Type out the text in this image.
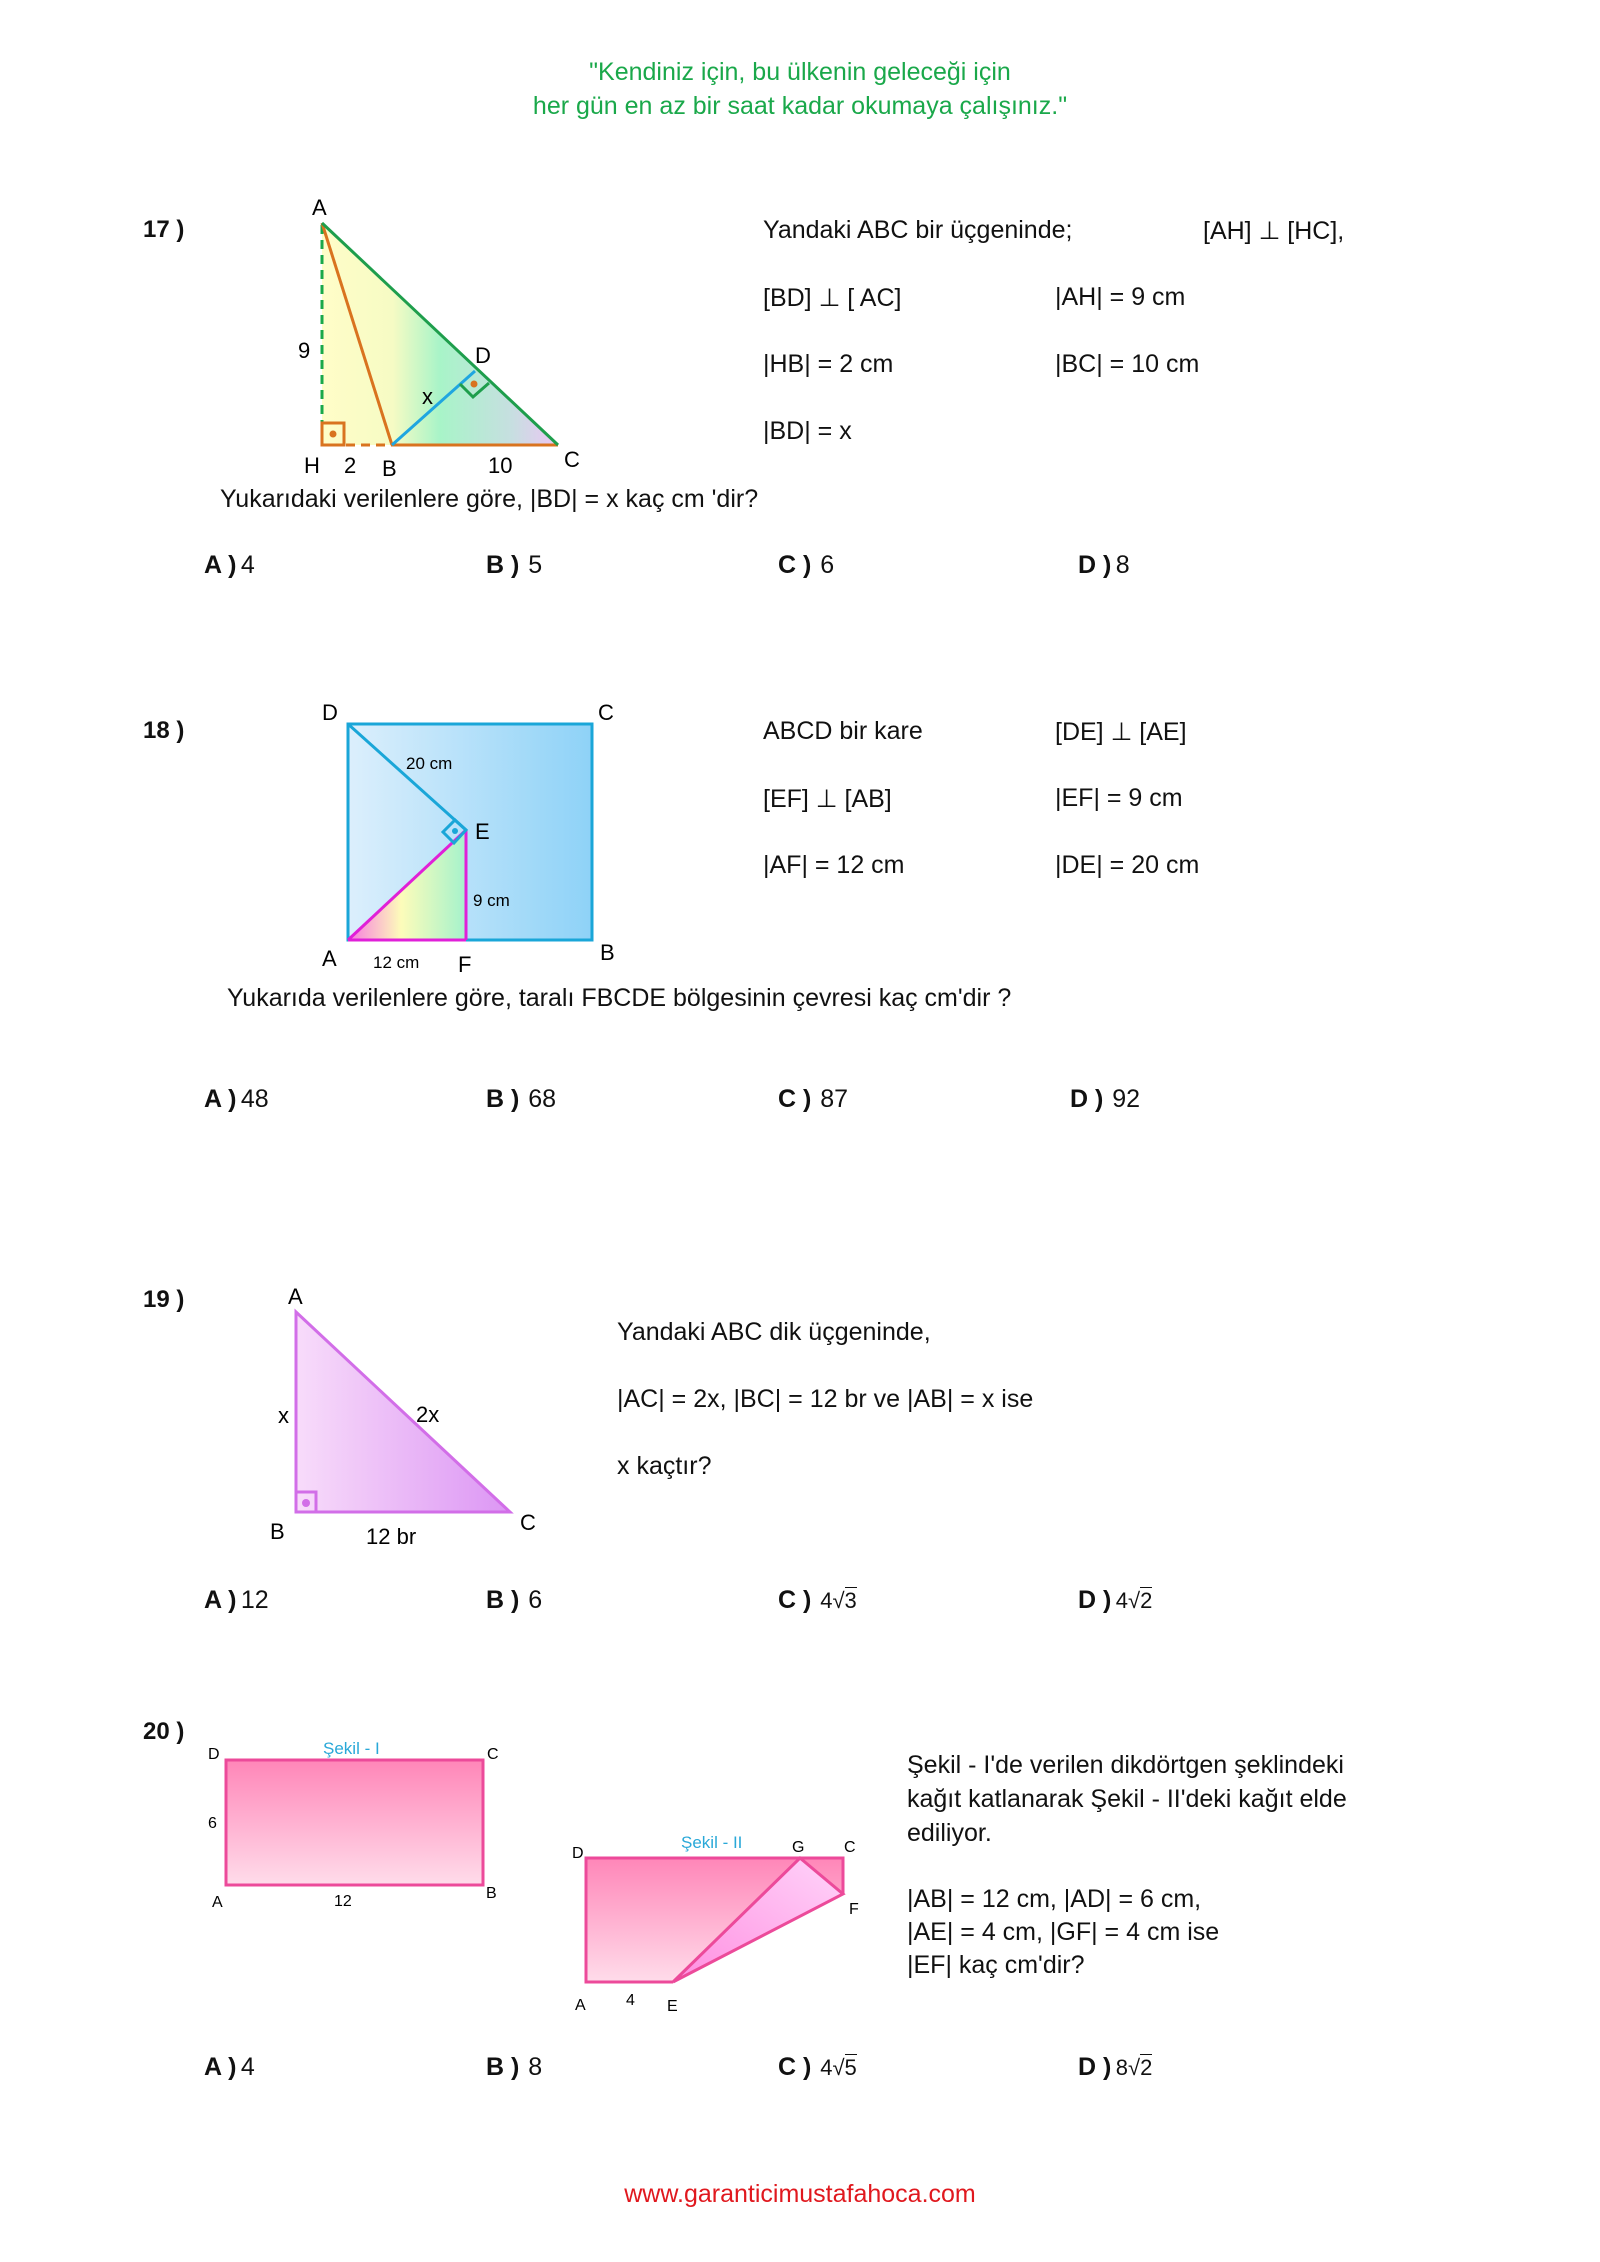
"Kendiniz için, bu ülkenin geleceği için
her gün en az bir saat kadar okumaya çalışınız."
17 )
A
9	D
x
H 2 B	10 C
Yandaki ABC bir üçgeninde;	[AH] ⊥ [HC],
[BD] ⊥ [ AC]	|AH| = 9 cm
|HB| = 2 cm	|BC| = 10 cm
|BD| = x
Yukarıdaki verilenlere göre, |BD| = x kaç cm 'dir?
A ) 4	B ) 5	C ) 6	D ) 8
18 )
D	C
E
A	B
F
20 cm
9 cm
12 cm
ABCD bir kare	[DE] ⊥ [AE]
[EF] ⊥ [AB]	|EF| = 9 cm
|AF| = 12 cm	|DE| = 20 cm
Yukarıda verilenlere göre, taralı FBCDE bölgesinin çevresi kaç cm'dir ?
A ) 48	B ) 68	C ) 87	D ) 92
19 )	A
x	2x
B	C
12 br
Yandaki ABC dik üçgeninde,
|AC| = 2x, |BC| = 12 br ve |AB| = x ise
x kaçtır?
A ) 12	B ) 6	C ) 4√3	D ) 4√2
20 )
Şekil - I
D	C
6
A
B
12
Şekil - II
D	G C
F
A	4 E
Şekil - I'de verilen dikdörtgen şeklindeki
kağıt katlanarak Şekil - II'deki kağıt elde
ediliyor.
|AB| = 12 cm, |AD| = 6 cm,
|AE| = 4 cm, |GF| = 4 cm ise
|EF| kaç cm'dir?
A ) 4	B ) 8	C ) 4√5	D ) 8√2
www.garanticimustafahoca.com
